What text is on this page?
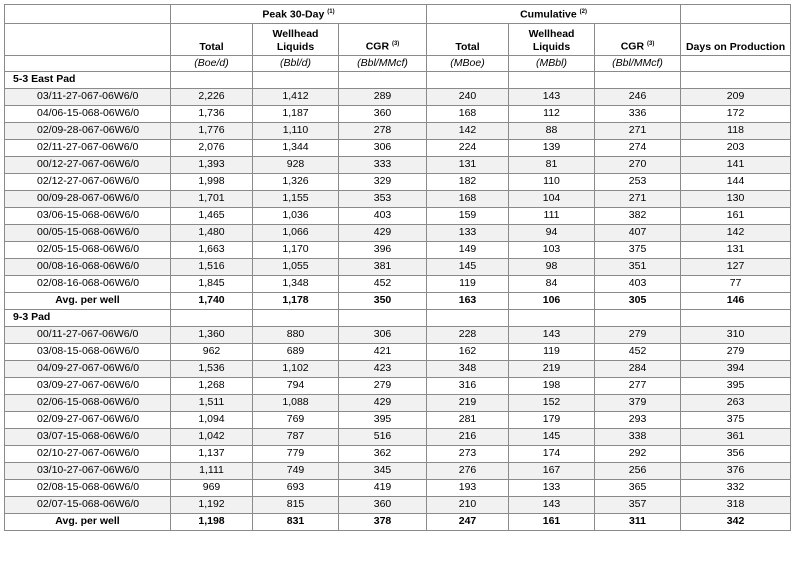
	Peak 30-Day $^{(1)}$			Cumulative $^{(2)}$	
	Total	Wellhead Liquids	CGR $^{(3)}$	Total	Wellhead Liquids	CGR $^{(3)}$	Days on Production
	(Boe/d)	(Bbl/d)	(Bbl/MMcf)	(MBoe)	(MBbl)	(Bbl/MMcf)	
5-3 East Pad							
03/11-27-067-06W6/0	2,226	1,412	289	240	143	246	209
04/06-15-068-06W6/0	1,736	1,187	360	168	112	336	172
02/09-28-067-06W6/0	1,776	1,110	278	142	88	271	118
02/11-27-067-06W6/0	2,076	1,344	306	224	139	274	203
00/12-27-067-06W6/0	1,393	928	333	131	81	270	141
02/12-27-067-06W6/0	1,998	1,326	329	182	110	253	144
00/09-28-067-06W6/0	1,701	1,155	353	168	104	271	130
03/06-15-068-06W6/0	1,465	1,036	403	159	111	382	161
00/05-15-068-06W6/0	1,480	1,066	429	133	94	407	142
02/05-15-068-06W6/0	1,663	1,170	396	149	103	375	131
00/08-16-068-06W6/0	1,516	1,055	381	145	98	351	127
02/08-16-068-06W6/0	1,845	1,348	452	119	84	403	77
Avg. per well	1,740	1,178	350	163	106	305	146
9-3 Pad							
00/11-27-067-06W6/0	1,360	880	306	228	143	279	310
03/08-15-068-06W6/0	962	689	421	162	119	452	279
04/09-27-067-06W6/0	1,536	1,102	423	348	219	284	394
03/09-27-067-06W6/0	1,268	794	279	316	198	277	395
02/06-15-068-06W6/0	1,511	1,088	429	219	152	379	263
02/09-27-067-06W6/0	1,094	769	395	281	179	293	375
03/07-15-068-06W6/0	1,042	787	516	216	145	338	361
02/10-27-067-06W6/0	1,137	779	362	273	174	292	356
03/10-27-067-06W6/0	1,111	749	345	276	167	256	376
02/08-15-068-06W6/0	969	693	419	193	133	365	332
02/07-15-068-06W6/0	1,192	815	360	210	143	357	318
Avg. per well	1,198	831	378	247	161	311	342
